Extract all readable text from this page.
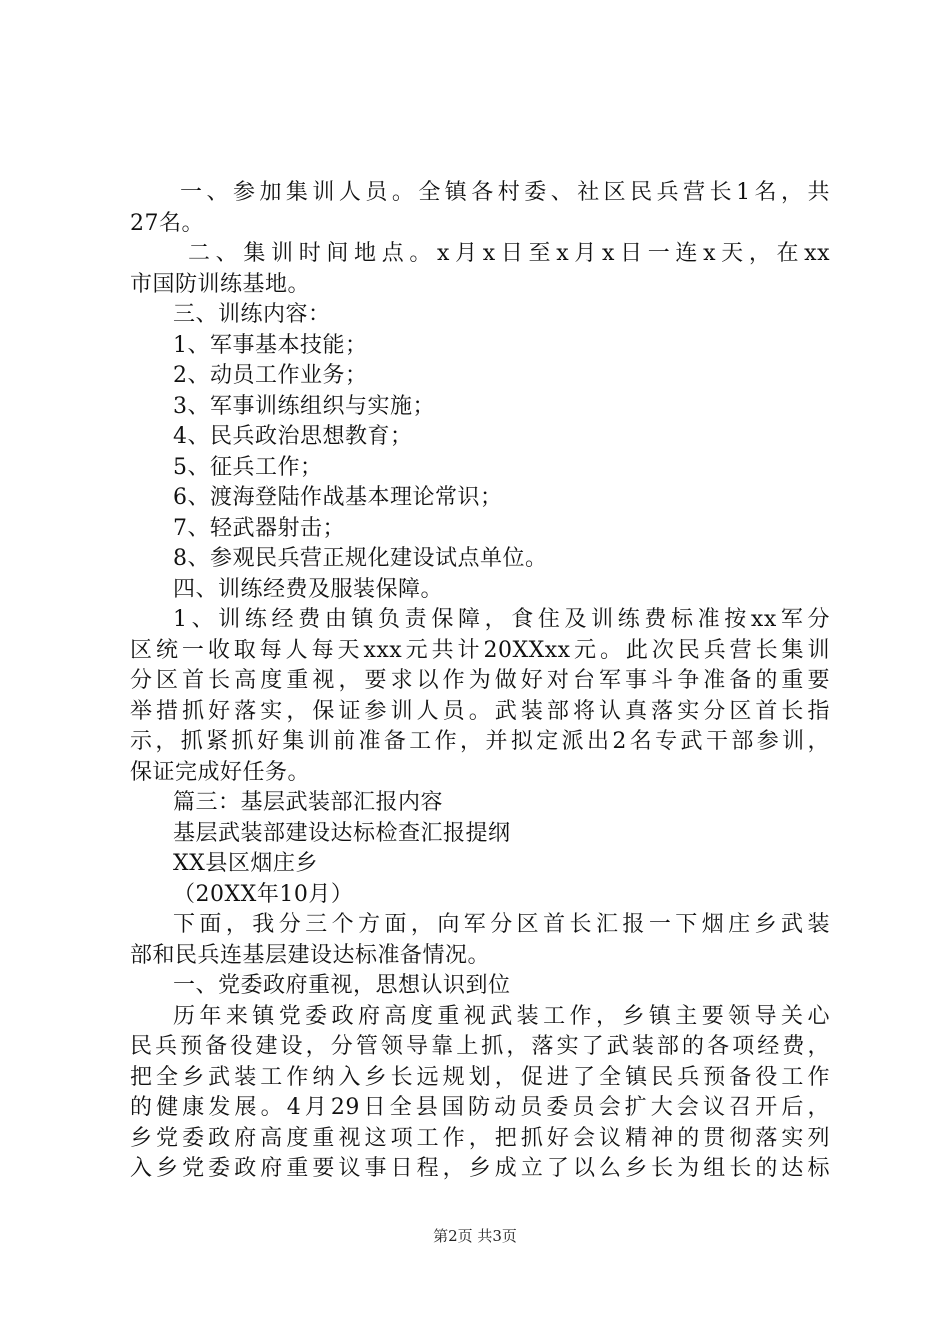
一、参加集训人员。全镇各村委、社区民兵营长1名，共
27名。
二、集训时间地点。x月x日至x月x日一连x天，在xx
市国防训练基地。
三、训练内容：
1、军事基本技能；
2、动员工作业务；
3、军事训练组织与实施；
4、民兵政治思想教育；
5、征兵工作；
6、渡海登陆作战基本理论常识；
7、轻武器射击；
8、参观民兵营正规化建设试点单位。
四、训练经费及服装保障。
1、训练经费由镇负责保障，食住及训练费标准按xx军分
区统一收取每人每天xxx元共计20XXxx元。此次民兵营长集训
分区首长高度重视，要求以作为做好对台军事斗争准备的重要
举措抓好落实，保证参训人员。武装部将认真落实分区首长指
示，抓紧抓好集训前准备工作，并拟定派出2名专武干部参训，
保证完成好任务。
篇三：基层武装部汇报内容
基层武装部建设达标检查汇报提纲
XX县区烟庄乡
（20XX年10月）
下面，我分三个方面，向军分区首长汇报一下烟庄乡武装
部和民兵连基层建设达标准备情况。
一、党委政府重视，思想认识到位
历年来镇党委政府高度重视武装工作，乡镇主要领导关心
民兵预备役建设，分管领导靠上抓，落实了武装部的各项经费，
把全乡武装工作纳入乡长远规划，促进了全镇民兵预备役工作
的健康发展。4月29日全县国防动员委员会扩大会议召开后，
乡党委政府高度重视这项工作，把抓好会议精神的贯彻落实列
入乡党委政府重要议事日程，乡成立了以么乡长为组长的达标
第2页 共3页
